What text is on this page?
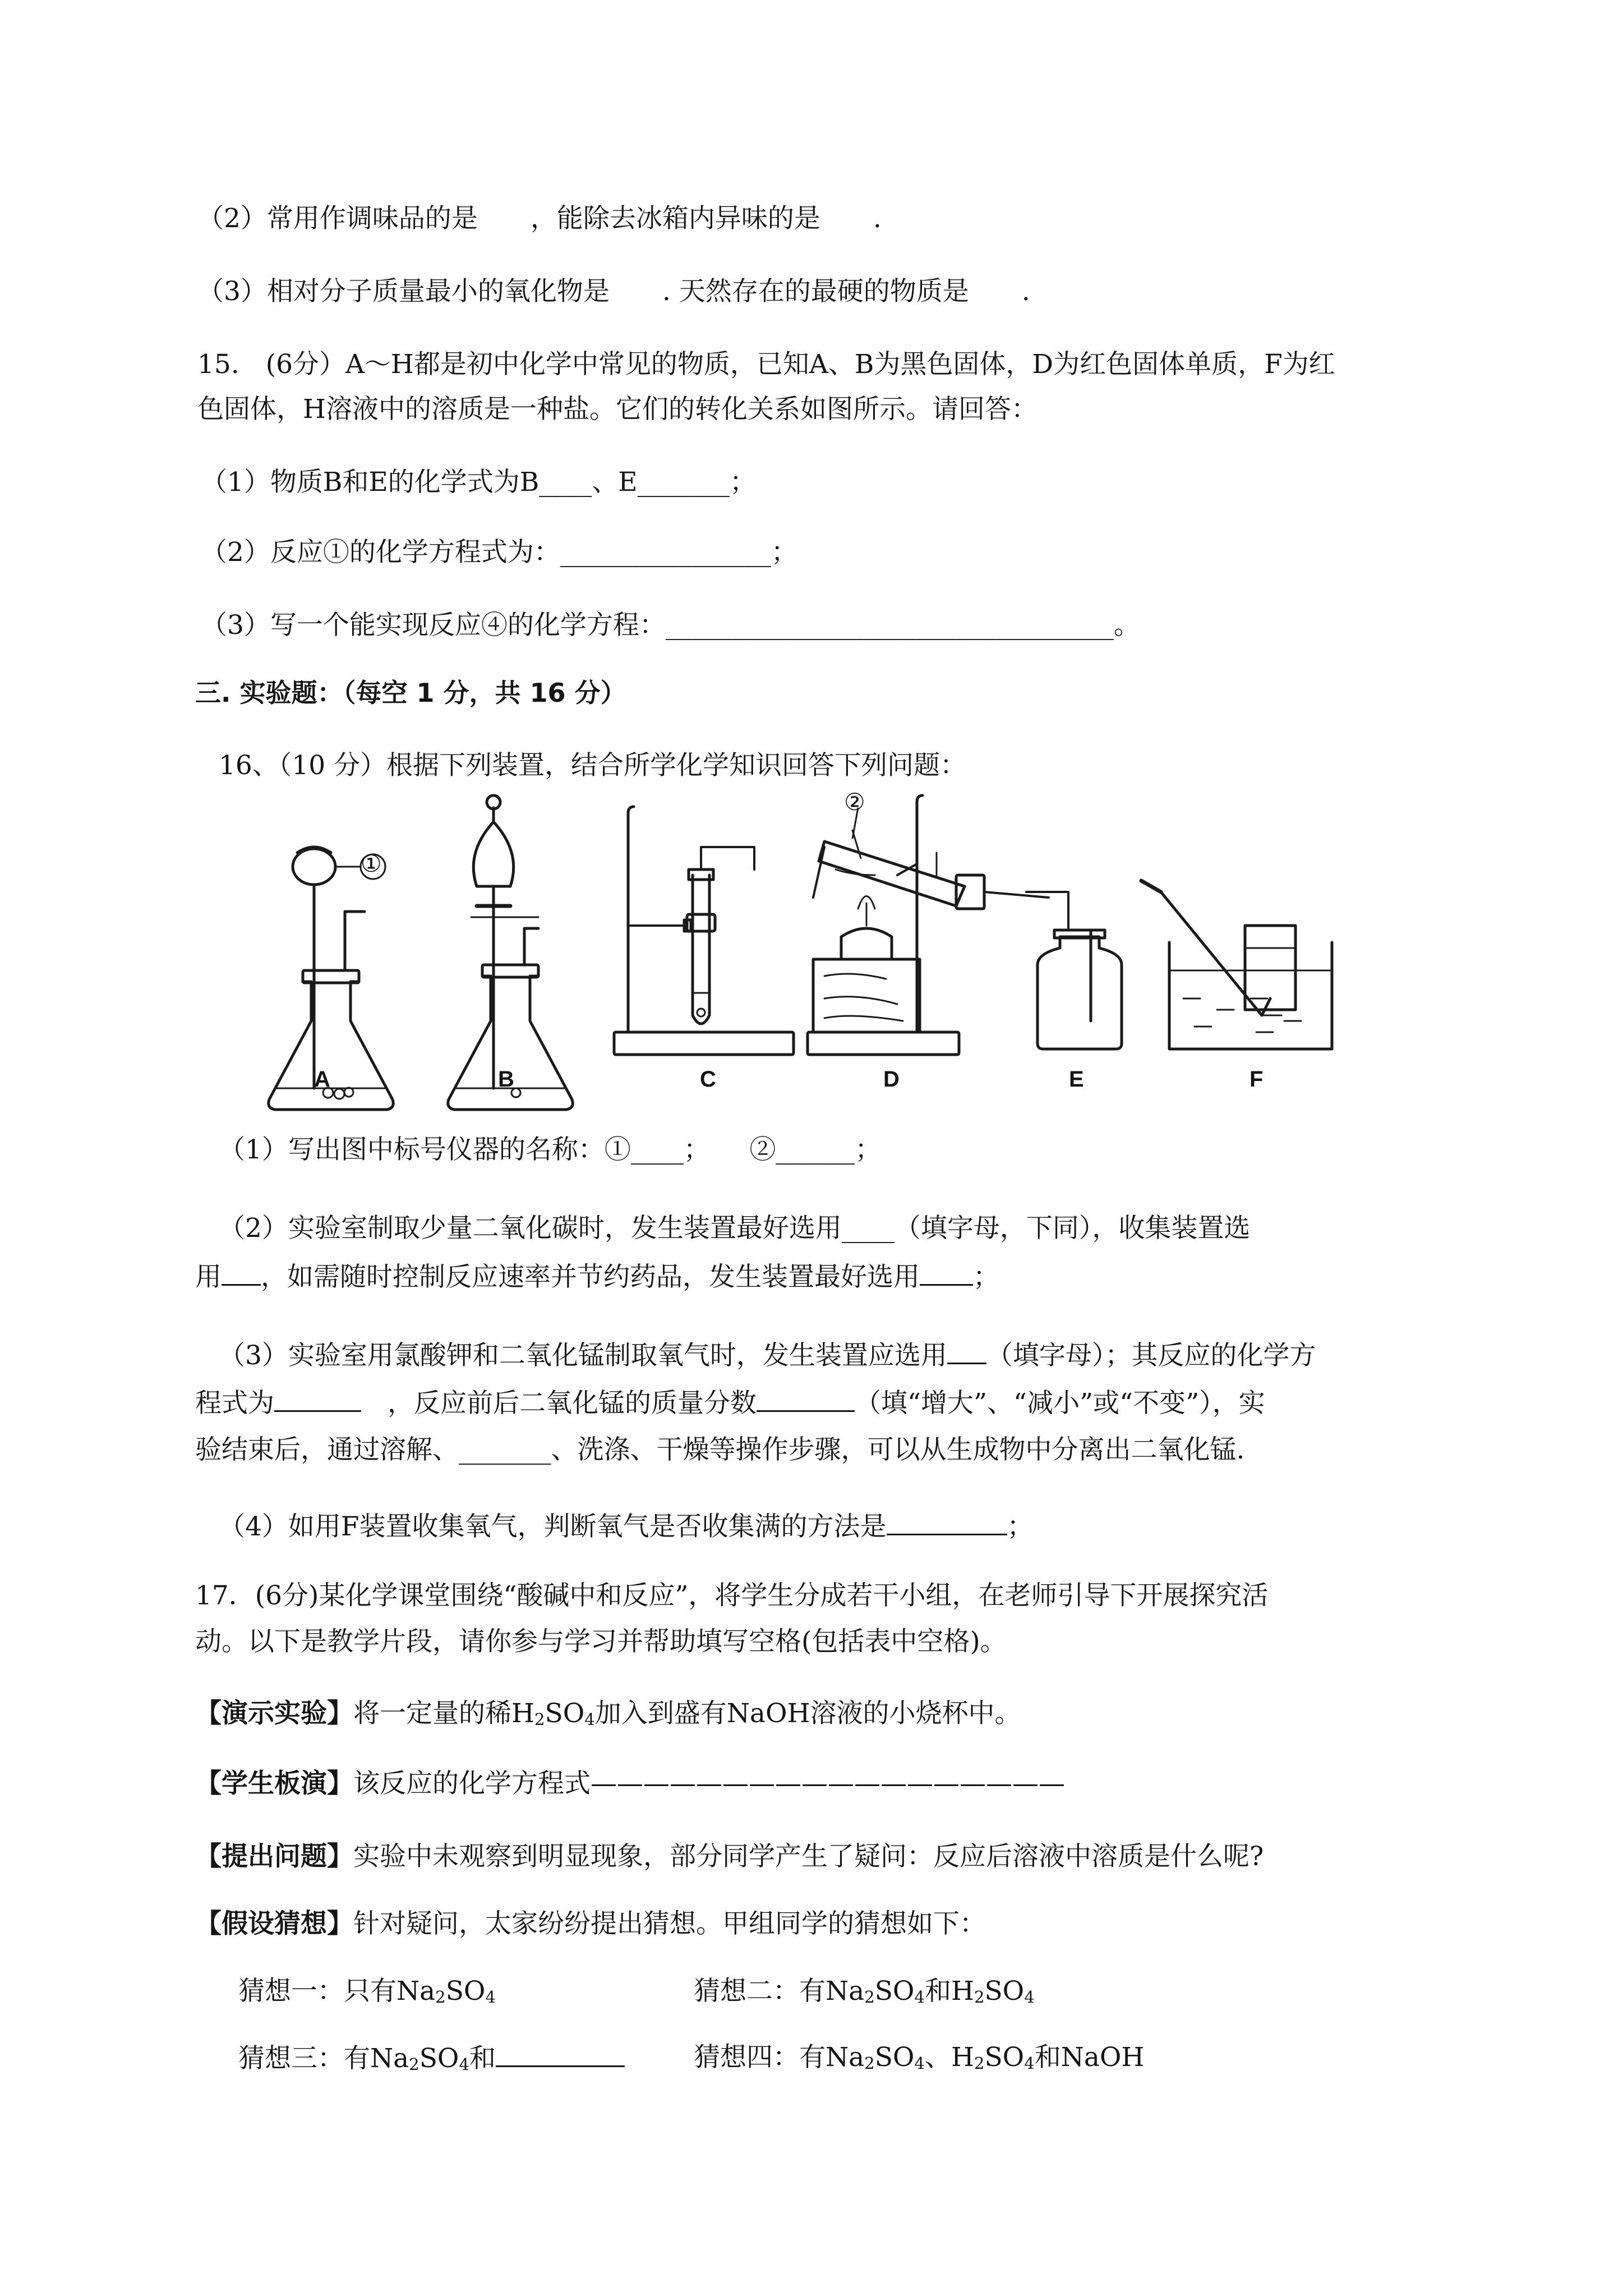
（2）常用作调味品的是　　，能除去冰箱内异味的是　　.
（3）相对分子质量最小的氧化物是　　. 天然存在的最硬的物质是　　.
15.　(6分）A～H都是初中化学中常见的物质，已知A、B为黑色固体，D为红色固体单质，F为红
色固体，H溶液中的溶质是一种盐。它们的转化关系如图所示。请回答：
（1）物质B和E的化学式为B____、E_______；
（2）反应①的化学方程式为：________________；
（3）写一个能实现反应④的化学方程：__________________________________。
三. 实验题：（每空 1 分，共 16 分）
16、（10 分）根据下列装置，结合所学化学知识回答下列问题：
①
②
A	B	C	D	E	F
（1）写出图中标号仪器的名称：①____；　　②______；
（2）实验室制取少量二氧化碳时，发生装置最好选用____（填字母，下同），收集装置选
用 ，如需随时控制反应速率并节约药品，发生装置最好选用 ；
（3）实验室用氯酸钾和二氧化锰制取氧气时，发生装置应选用 （填字母）；其反应的化学方
程式为　	，反应前后二氧化锰的质量分数	（填“增大”、“减小”或“不变”），实
验结束后，通过溶解、_______、洗涤、干燥等操作步骤，可以从生成物中分离出二氧化锰.
（4）如用F装置收集氧气，判断氧气是否收集满的方法是	；
17．(6分)某化学课堂围绕“酸碱中和反应”，将学生分成若干小组，在老师引导下开展探究活
动。以下是教学片段，请你参与学习并帮助填写空格(包括表中空格)。
【演示实验】将一定量的稀$H_2SO_4$加入到盛有NaOH溶液的小烧杯中。
【学生板演】该反应的化学方程式——————————————————
【提出问题】实验中未观察到明显现象，部分同学产生了疑问：反应后溶液中溶质是什么呢?
【假设猜想】针对疑问，太家纷纷提出猜想。甲组同学的猜想如下：
猜想一：只有$Na_2SO_4$	猜想二：有$Na_2SO_4$和$H_2SO_4$
猜想三：有$Na_2SO_4$和	猜想四：有$Na_2SO_4$、$H_2SO_4$和NaOH
